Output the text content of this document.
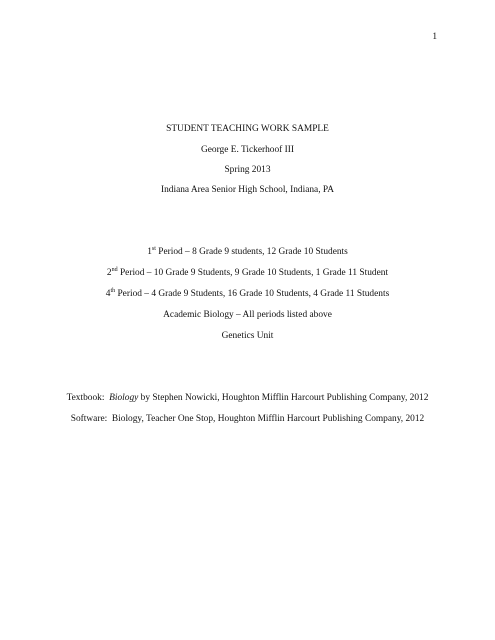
1
STUDENT TEACHING WORK SAMPLE
George E. Tickerhoof III
Spring 2013
Indiana Area Senior High School, Indiana, PA
1st Period – 8 Grade 9 students, 12 Grade 10 Students
2nd Period – 10 Grade 9 Students, 9 Grade 10 Students, 1 Grade 11 Student
4th Period – 4 Grade 9 Students, 16 Grade 10 Students, 4 Grade 11 Students
Academic Biology – All periods listed above
Genetics Unit
Textbook:  Biology by Stephen Nowicki, Houghton Mifflin Harcourt Publishing Company, 2012
Software:  Biology, Teacher One Stop, Houghton Mifflin Harcourt Publishing Company, 2012
